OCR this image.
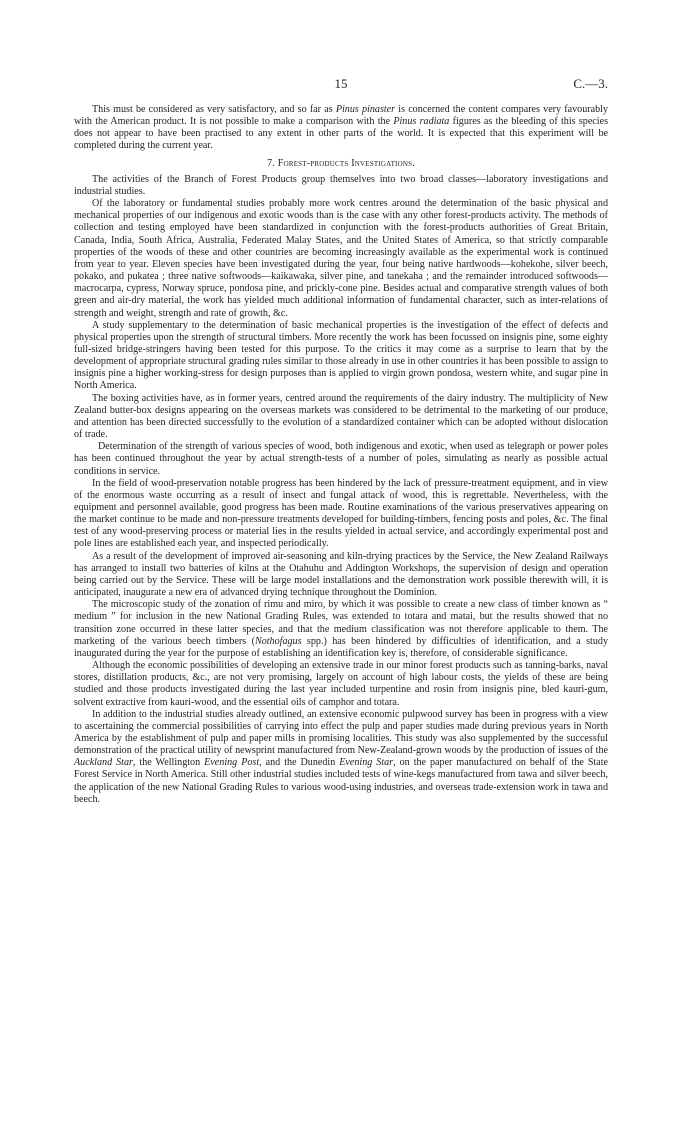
15	C.—3.

This must be considered as very satisfactory, and so far as Pinus pinaster is concerned the content compares very favourably with the American product. It is not possible to make a comparison with the Pinus radiata figures as the bleeding of this species does not appear to have been practised to any extent in other parts of the world. It is expected that this experiment will be completed during the current year.

7. Forest-products Investigations.

The activities of the Branch of Forest Products group themselves into two broad classes—laboratory investigations and industrial studies.

Of the laboratory or fundamental studies probably more work centres around the determination of the basic physical and mechanical properties of our indigenous and exotic woods than is the case with any other forest-products activity. The methods of collection and testing employed have been standardized in conjunction with the forest-products authorities of Great Britain, Canada, India, South Africa, Australia, Federated Malay States, and the United States of America, so that strictly comparable properties of the woods of these and other countries are becoming increasingly available as the experimental work is continued from year to year. Eleven species have been investigated during the year, four being native hardwoods—kohekohe, silver beech, pokako, and pukatea ; three native softwoods—kaikawaka, silver pine, and tanekaha ; and the remainder introduced softwoods—macrocarpa, cypress, Norway spruce, pondosa pine, and prickly-cone pine. Besides actual and comparative strength values of both green and air-dry material, the work has yielded much additional information of fundamental character, such as inter-relations of strength and weight, strength and rate of growth, &c.

A study supplementary to the determination of basic mechanical properties is the investigation of the effect of defects and physical properties upon the strength of structural timbers. More recently the work has been focussed on insignis pine, some eighty full-sized bridge-stringers having been tested for this purpose. To the critics it may come as a surprise to learn that by the development of appropriate structural grading rules similar to those already in use in other countries it has been possible to assign to insignis pine a higher working-stress for design purposes than is applied to virgin grown pondosa, western white, and sugar pine in North America.

The boxing activities have, as in former years, centred around the requirements of the dairy industry. The multiplicity of New Zealand butter-box designs appearing on the overseas markets was considered to be detrimental to the marketing of our produce, and attention has been directed successfully to the evolution of a standardized container which can be adopted without dislocation of trade.

Determination of the strength of various species of wood, both indigenous and exotic, when used as telegraph or power poles has been continued throughout the year by actual strength-tests of a number of poles, simulating as nearly as possible actual conditions in service.

In the field of wood-preservation notable progress has been hindered by the lack of pressure-treatment equipment, and in view of the enormous waste occurring as a result of insect and fungal attack of wood, this is regrettable. Nevertheless, with the equipment and personnel available, good progress has been made. Routine examinations of the various preservatives appearing on the market continue to be made and non-pressure treatments developed for building-timbers, fencing posts and poles, &c. The final test of any wood-preserving process or material lies in the results yielded in actual service, and accordingly experimental post and pole lines are established each year, and inspected periodically.

As a result of the development of improved air-seasoning and kiln-drying practices by the Service, the New Zealand Railways has arranged to install two batteries of kilns at the Otahuhu and Addington Workshops, the supervision of design and operation being carried out by the Service. These will be large model installations and the demonstration work possible therewith will, it is anticipated, inaugurate a new era of advanced drying technique throughout the Dominion.

The microscopic study of the zonation of rimu and miro, by which it was possible to create a new class of timber known as “ medium ” for inclusion in the new National Grading Rules, was extended to totara and matai, but the results showed that no transition zone occurred in these latter species, and that the medium classification was not therefore applicable to them. The marketing of the various beech timbers (Nothofagus spp.) has been hindered by difficulties of identification, and a study inaugurated during the year for the purpose of establishing an identification key is, therefore, of considerable significance.

Although the economic possibilities of developing an extensive trade in our minor forest products such as tanning-barks, naval stores, distillation products, &c., are not very promising, largely on account of high labour costs, the yields of these are being studied and those products investigated during the last year included turpentine and rosin from insignis pine, bled kauri-gum, solvent extractive from kauri-wood, and the essential oils of camphor and totara.

In addition to the industrial studies already outlined, an extensive economic pulpwood survey has been in progress with a view to ascertaining the commercial possibilities of carrying into effect the pulp and paper studies made during previous years in North America by the establishment of pulp and paper mills in promising localities. This study was also supplemented by the successful demonstration of the practical utility of newsprint manufactured from New-Zealand-grown woods by the production of issues of the Auckland Star, the Wellington Evening Post, and the Dunedin Evening Star, on the paper manufactured on behalf of the State Forest Service in North America. Still other industrial studies included tests of wine-kegs manufactured from tawa and silver beech, the application of the new National Grading Rules to various wood-using industries, and overseas trade-extension work in tawa and beech.
